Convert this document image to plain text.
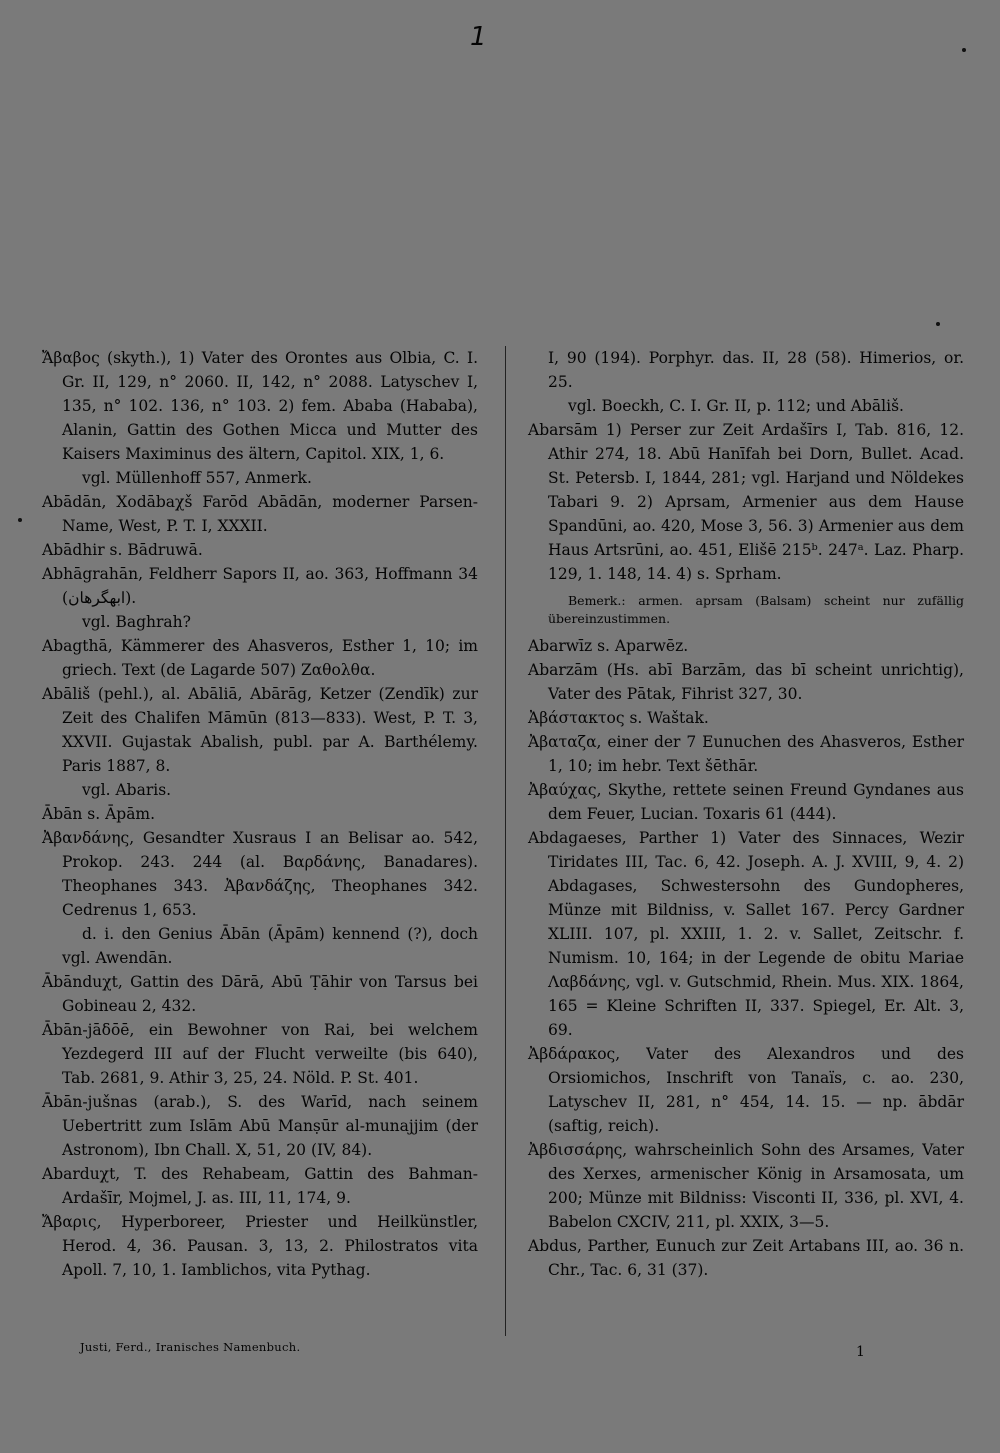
1

Ἄβαβος (skyth.), 1) Vater des Orontes aus Olbia, C. I. Gr. II, 129, n° 2060. II, 142, n° 2088. Latyschev I, 135, n° 102. 136, n° 103. 2) fem. Ababa (Hababa), Alanin, Gattin des Gothen Micca und Mutter des Kaisers Maximinus des ältern, Capitol. XIX, 1, 6.

vgl. Müllenhoff 557, Anmerk.

Abādān, Xodābaχš Farōd Abādān, moderner Parsen-Name, West, P. T. I, XXXII.

Abādhir s. Bādruwā.

Abhāgrahān, Feldherr Sapors II, ao. 363, Hoffmann 34 (ابهگرهان).

vgl. Baghrah?

Abagthā, Kämmerer des Ahasveros, Esther 1, 10; im griech. Text (de Lagarde 507) Ζαθολθα.

Abāliš (pehl.), al. Abāliā, Abārāg, Ketzer (Zendīk) zur Zeit des Chalifen Māmūn (813—833). West, P. T. 3, XXVII. Gujastak Abalish, publ. par A. Barthélemy. Paris 1887, 8.

vgl. Abaris.

Ābān s. Āpām.

Ἀβανδάνης, Gesandter Xusraus I an Belisar ao. 542, Prokop. 243. 244 (al. Βαρδάνης, Banadares). Theophanes 343. Ἀβανδάζης, Theophanes 342. Cedrenus 1, 653.

d. i. den Genius Ābān (Āpām) kennend (?), doch vgl. Awendān.

Ābānduχt, Gattin des Dārā, Abū Ṭāhir von Tarsus bei Gobineau 2, 432.

Ābān-jāδōē, ein Bewohner von Rai, bei welchem Yezdegerd III auf der Flucht verweilte (bis 640), Tab. 2681, 9. Athir 3, 25, 24. Nöld. P. St. 401.

Ābān-jušnas (arab.), S. des Warīd, nach seinem Uebertritt zum Islām Abū Manṣūr al-munajjim (der Astronom), Ibn Chall. X, 51, 20 (IV, 84).

Abarduχt, T. des Rehabeam, Gattin des Bahman-Ardašīr, Mojmel, J. as. III, 11, 174, 9.

Ἄβαρις, Hyperboreer, Priester und Heilkünstler, Herod. 4, 36. Pausan. 3, 13, 2. Philostratos vita Apoll. 7, 10, 1. Iamblichos, vita Pythag.

I, 90 (194). Porphyr. das. II, 28 (58). Himerios, or. 25.

vgl. Boeckh, C. I. Gr. II, p. 112; und Abāliš.

Abarsām 1) Perser zur Zeit Ardašīrs I, Tab. 816, 12. Athir 274, 18. Abū Hanīfah bei Dorn, Bullet. Acad. St. Petersb. I, 1844, 281; vgl. Harjand und Nöldekes Tabari 9. 2) Aprsam, Armenier aus dem Hause Spandūni, ao. 420, Mose 3, 56. 3) Armenier aus dem Haus Artsrūni, ao. 451, Elišē 215ᵇ. 247ᵃ. Laz. Pharp. 129, 1. 148, 14. 4) s. Sprham.

Bemerk.: armen. aprsam (Balsam) scheint nur zufällig übereinzustimmen.

Abarwīz s. Aparwēz.

Abarzām (Hs. abī Barzām, das bī scheint unrichtig), Vater des Pātak, Fihrist 327, 30.

Ἀβάστακτος s. Waštak.

Ἀβαταζα, einer der 7 Eunuchen des Ahasveros, Esther 1, 10; im hebr. Text šēthār.

Ἀβαύχας, Skythe, rettete seinen Freund Gyndanes aus dem Feuer, Lucian. Toxaris 61 (444).

Abdagaeses, Parther 1) Vater des Sinnaces, Wezir Tiridates III, Tac. 6, 42. Joseph. A. J. XVIII, 9, 4. 2) Abdagases, Schwestersohn des Gundopheres, Münze mit Bildniss, v. Sallet 167. Percy Gardner XLIII. 107, pl. XXIII, 1. 2. v. Sallet, Zeitschr. f. Numism. 10, 164; in der Legende de obitu Mariae Λαβδάνης, vgl. v. Gutschmid, Rhein. Mus. XIX. 1864, 165 = Kleine Schriften II, 337. Spiegel, Er. Alt. 3, 69.

Ἀβδάρακος, Vater des Alexandros und des Orsiomichos, Inschrift von Tanaïs, c. ao. 230, Latyschev II, 281, n° 454, 14. 15. — np. ābdār (saftig, reich).

Ἀβδισσάρης, wahrscheinlich Sohn des Arsames, Vater des Xerxes, armenischer König in Arsamosata, um 200; Münze mit Bildniss: Visconti II, 336, pl. XVI, 4. Babelon CXCIV, 211, pl. XXIX, 3—5.

Abdus, Parther, Eunuch zur Zeit Artabans III, ao. 36 n. Chr., Tac. 6, 31 (37).

Justi, Ferd., Iranisches Namenbuch.	1
